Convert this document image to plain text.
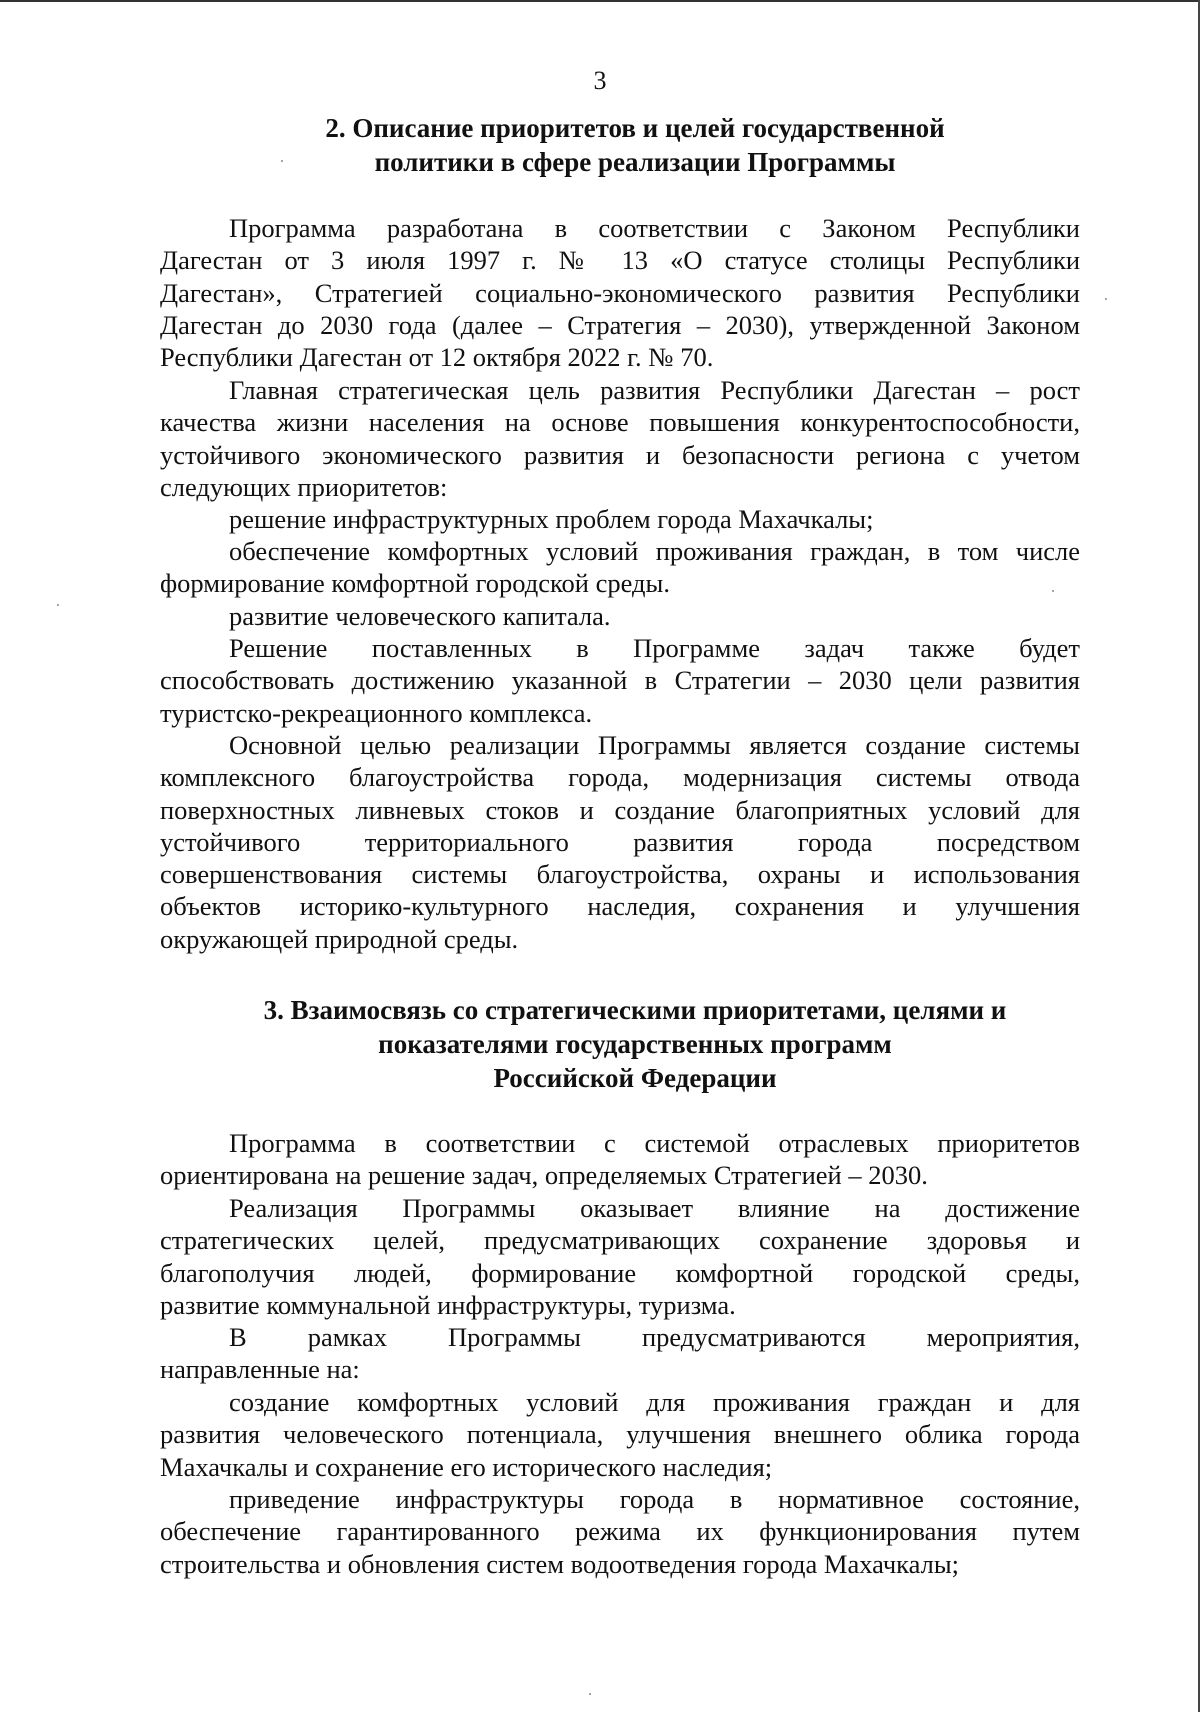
3
2. Описание приоритетов и целей государственной
политики в сфере реализации Программы
Программа разработана в соответствии с Законом Республики
Дагестан от 3 июля 1997 г. № 13 «О статусе столицы Республики
Дагестан», Стратегией социально-экономического развития Республики
Дагестан до 2030 года (далее – Стратегия – 2030), утвержденной Законом
Республики Дагестан от 12 октября 2022 г. № 70.
Главная стратегическая цель развития Республики Дагестан – рост
качества жизни населения на основе повышения конкурентоспособности,
устойчивого экономического развития и безопасности региона с учетом
следующих приоритетов:
решение инфраструктурных проблем города Махачкалы;
обеспечение комфортных условий проживания граждан, в том числе
формирование комфортной городской среды.
развитие человеческого капитала.
Решение поставленных в Программе задач также будет
способствовать достижению указанной в Стратегии – 2030 цели развития
туристско-рекреационного комплекса.
Основной целью реализации Программы является создание системы
комплексного благоустройства города, модернизация системы отвода
поверхностных ливневых стоков и создание благоприятных условий для
устойчивого территориального развития города посредством
совершенствования системы благоустройства, охраны и использования
объектов историко-культурного наследия, сохранения и улучшения
окружающей природной среды.
3. Взаимосвязь со стратегическими приоритетами, целями и
показателями государственных программ
Российской Федерации
Программа в соответствии с системой отраслевых приоритетов
ориентирована на решение задач, определяемых Стратегией – 2030.
Реализация Программы оказывает влияние на достижение
стратегических целей, предусматривающих сохранение здоровья и
благополучия людей, формирование комфортной городской среды,
развитие коммунальной инфраструктуры, туризма.
В рамках Программы предусматриваются мероприятия,
направленные на:
создание комфортных условий для проживания граждан и для
развития человеческого потенциала, улучшения внешнего облика города
Махачкалы и сохранение его исторического наследия;
приведение инфраструктуры города в нормативное состояние,
обеспечение гарантированного режима их функционирования путем
строительства и обновления систем водоотведения города Махачкалы;
